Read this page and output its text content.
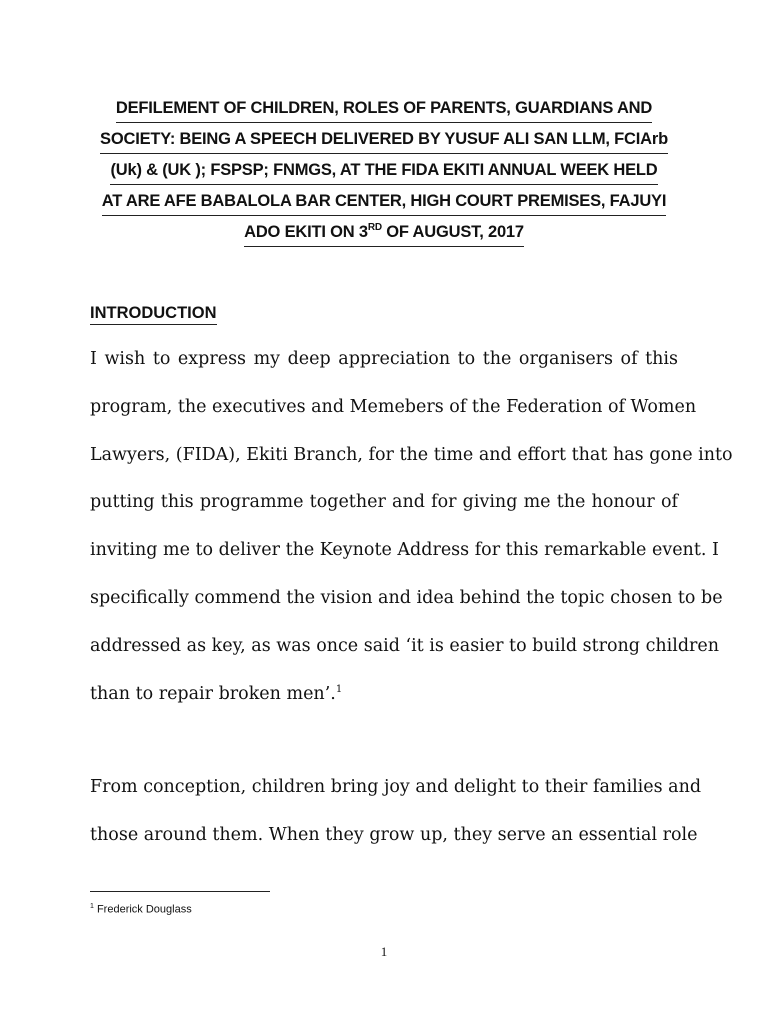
DEFILEMENT OF CHILDREN, ROLES OF PARENTS, GUARDIANS AND
SOCIETY: BEING A SPEECH DELIVERED BY YUSUF ALI SAN LLM, FCIArb
(Uk) & (UK ); FSPSP; FNMGS, AT THE FIDA EKITI ANNUAL WEEK HELD
AT ARE AFE BABALOLA BAR CENTER, HIGH COURT PREMISES, FAJUYI
ADO EKITI ON 3RD OF AUGUST, 2017
INTRODUCTION
I wish to express my deep appreciation to the organisers of this
program, the executives and Memebers of the Federation of Women
Lawyers, (FIDA), Ekiti Branch, for the time and effort that has gone into
putting this programme together and for giving me the honour of
inviting me to deliver the Keynote Address for this remarkable event. I
specifically commend the vision and idea behind the topic chosen to be
addressed as key, as was once said ‘it is easier to build strong children
than to repair broken men’.$^1$
From conception, children bring joy and delight to their families and
those around them. When they grow up, they serve an essential role
$^1$ Frederick Douglass
1
